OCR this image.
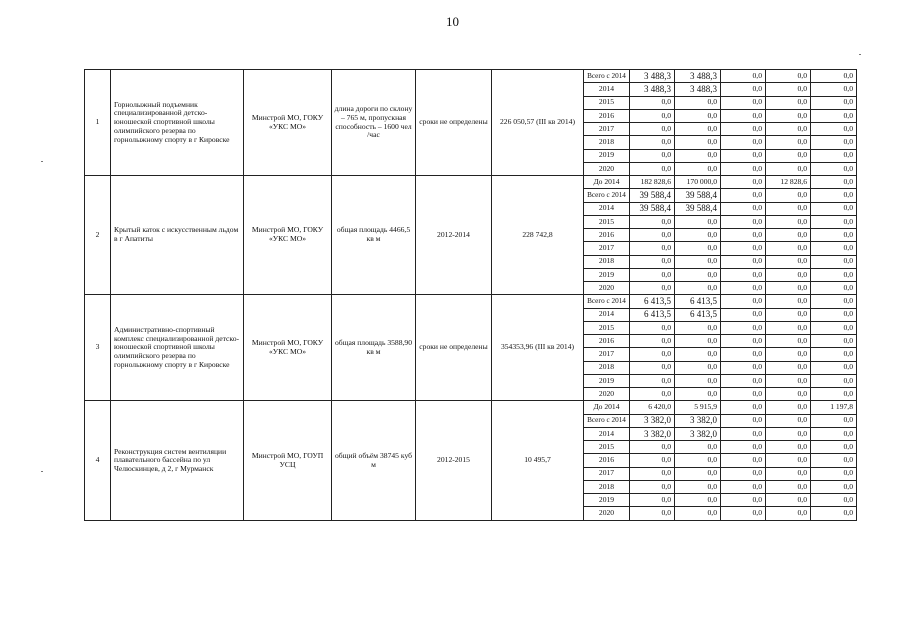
10
1	Горнолыжный подъемник специализированной детско-юношеской спортивной школы олимпийского резерва по горнолыжному спорту в г Кировске	Минстрой МО, ГОКУ «УКС МО»	длина дороги по склону – 765 м, пропускная способность – 1600 чел /час	сроки не определены	226 050,57 (III кв 2014)	Всего с 2014	3 488,3	3 488,3	0,0	0,0	0,0
						2014	3 488,3	3 488,3	0,0	0,0	0,0
						2015	0,0	0,0	0,0	0,0	0,0
						2016	0,0	0,0	0,0	0,0	0,0
						2017	0,0	0,0	0,0	0,0	0,0
						2018	0,0	0,0	0,0	0,0	0,0
						2019	0,0	0,0	0,0	0,0	0,0
						2020	0,0	0,0	0,0	0,0	0,0
2	Крытый каток с искусственным льдом в г Апатиты	Минстрой МО, ГОКУ «УКС МО»	общая площадь 4466,5 кв м	2012-2014	228 742,8	До 2014	182 828,6	170 000,0	0,0	12 828,6	0,0
						Всего с 2014	39 588,4	39 588,4	0,0	0,0	0,0
						2014	39 588,4	39 588,4	0,0	0,0	0,0
						2015	0,0	0,0	0,0	0,0	0,0
						2016	0,0	0,0	0,0	0,0	0,0
						2017	0,0	0,0	0,0	0,0	0,0
						2018	0,0	0,0	0,0	0,0	0,0
						2019	0,0	0,0	0,0	0,0	0,0
						2020	0,0	0,0	0,0	0,0	0,0
3	Административно-спортивный комплекс специализированной детско-юношеской спортивной школы олимпийского резерва по горнолыжному спорту в г Кировске	Минстрой МО, ГОКУ «УКС МО»	общая площадь 3588,90 кв м	сроки не определены	354353,96 (III кв 2014)	Всего с 2014	6 413,5	6 413,5	0,0	0,0	0,0
						2014	6 413,5	6 413,5	0,0	0,0	0,0
						2015	0,0	0,0	0,0	0,0	0,0
						2016	0,0	0,0	0,0	0,0	0,0
						2017	0,0	0,0	0,0	0,0	0,0
						2018	0,0	0,0	0,0	0,0	0,0
						2019	0,0	0,0	0,0	0,0	0,0
						2020	0,0	0,0	0,0	0,0	0,0
4	Реконструкция систем вентиляции плавательного бассейна по ул Челюскинцев, д 2, г Мурманск	Минстрой МО, ГОУП УСЦ	общий объём 38745 куб м	2012-2015	10 495,7	До 2014	6 420,0	5 915,9	0,0	0,0	1 197,8
						Всего с 2014	3 382,0	3 382,0	0,0	0,0	0,0
						2014	3 382,0	3 382,0	0,0	0,0	0,0
						2015	0,0	0,0	0,0	0,0	0,0
						2016	0,0	0,0	0,0	0,0	0,0
						2017	0,0	0,0	0,0	0,0	0,0
						2018	0,0	0,0	0,0	0,0	0,0
						2019	0,0	0,0	0,0	0,0	0,0
						2020	0,0	0,0	0,0	0,0	0,0
